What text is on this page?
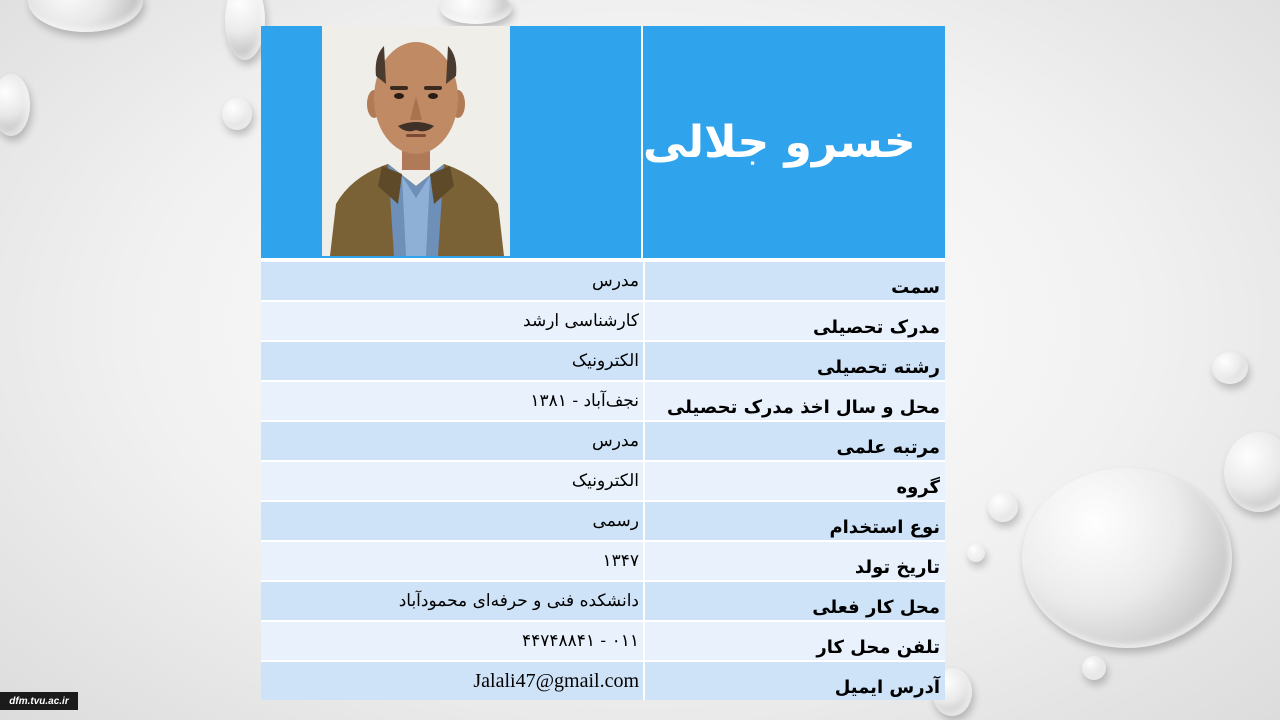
خسرو جلالی
سمت
مدرس
مدرک تحصیلی
کارشناسی ارشد
رشته تحصیلی
الکترونیک
محل و سال اخذ مدرک تحصیلی
نجف‌آباد - ۱۳۸۱
مرتبه علمی
مدرس
گروه
الکترونیک
نوع استخدام
رسمی
تاریخ تولد
۱۳۴۷
محل کار فعلی
دانشکده فنی و حرفه‌ای محمودآباد
تلفن محل کار
۰۱۱ - ۴۴۷۴۸۸۴۱
آدرس ایمیل
Jalali47@gmail.com
dfm.tvu.ac.ir
